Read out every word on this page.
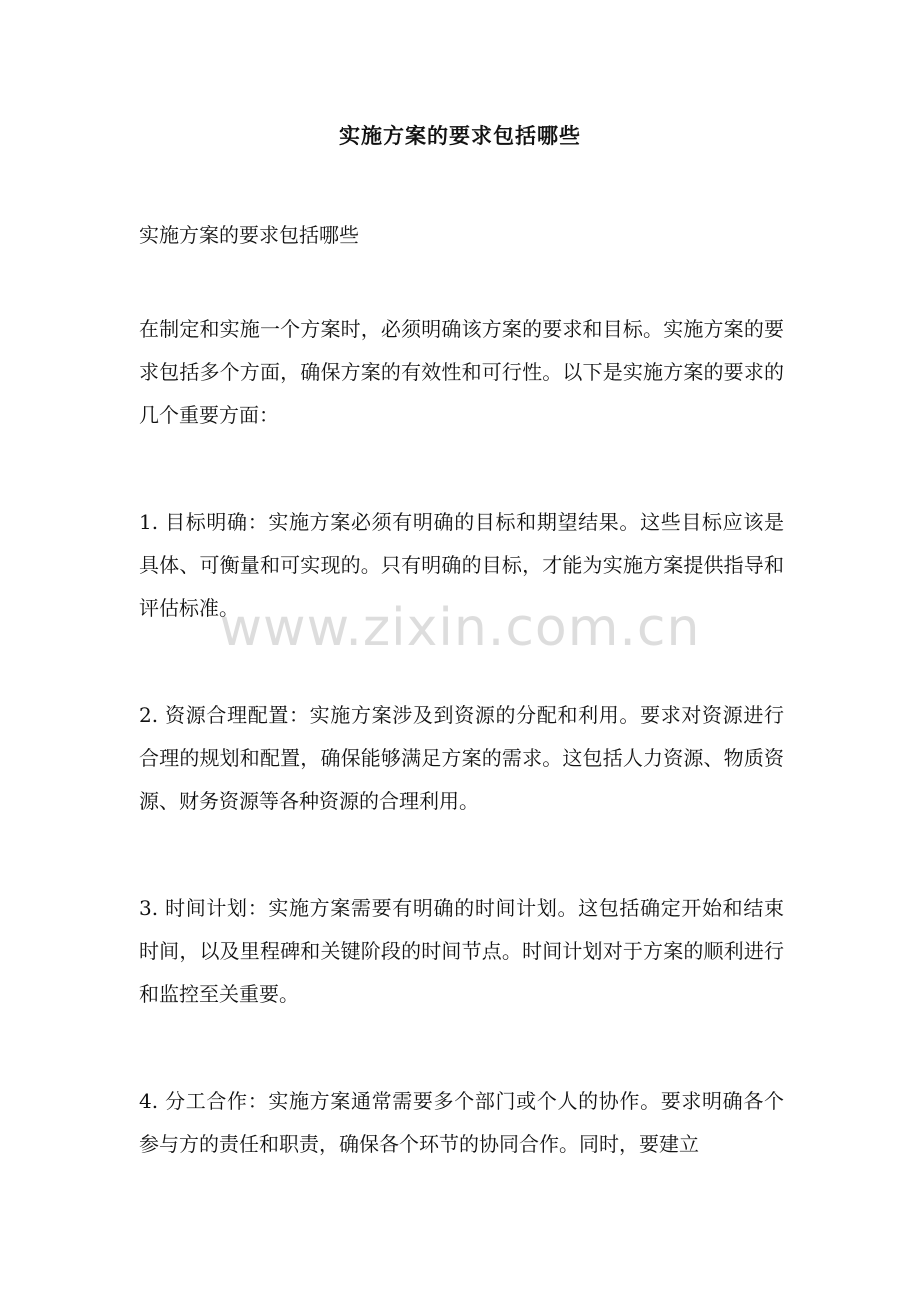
实施方案的要求包括哪些
实施方案的要求包括哪些
在制定和实施一个方案时，必须明确该方案的要求和目标。实施方案的要求包括多个方面，确保方案的有效性和可行性。以下是实施方案的要求的几个重要方面：
1. 目标明确：实施方案必须有明确的目标和期望结果。这些目标应该是具体、可衡量和可实现的。只有明确的目标，才能为实施方案提供指导和评估标准。
2. 资源合理配置：实施方案涉及到资源的分配和利用。要求对资源进行合理的规划和配置，确保能够满足方案的需求。这包括人力资源、物质资源、财务资源等各种资源的合理利用。
3. 时间计划：实施方案需要有明确的时间计划。这包括确定开始和结束时间，以及里程碑和关键阶段的时间节点。时间计划对于方案的顺利进行和监控至关重要。
4. 分工合作：实施方案通常需要多个部门或个人的协作。要求明确各个参与方的责任和职责，确保各个环节的协同合作。同时，要建立
www.zixin.com.cn
